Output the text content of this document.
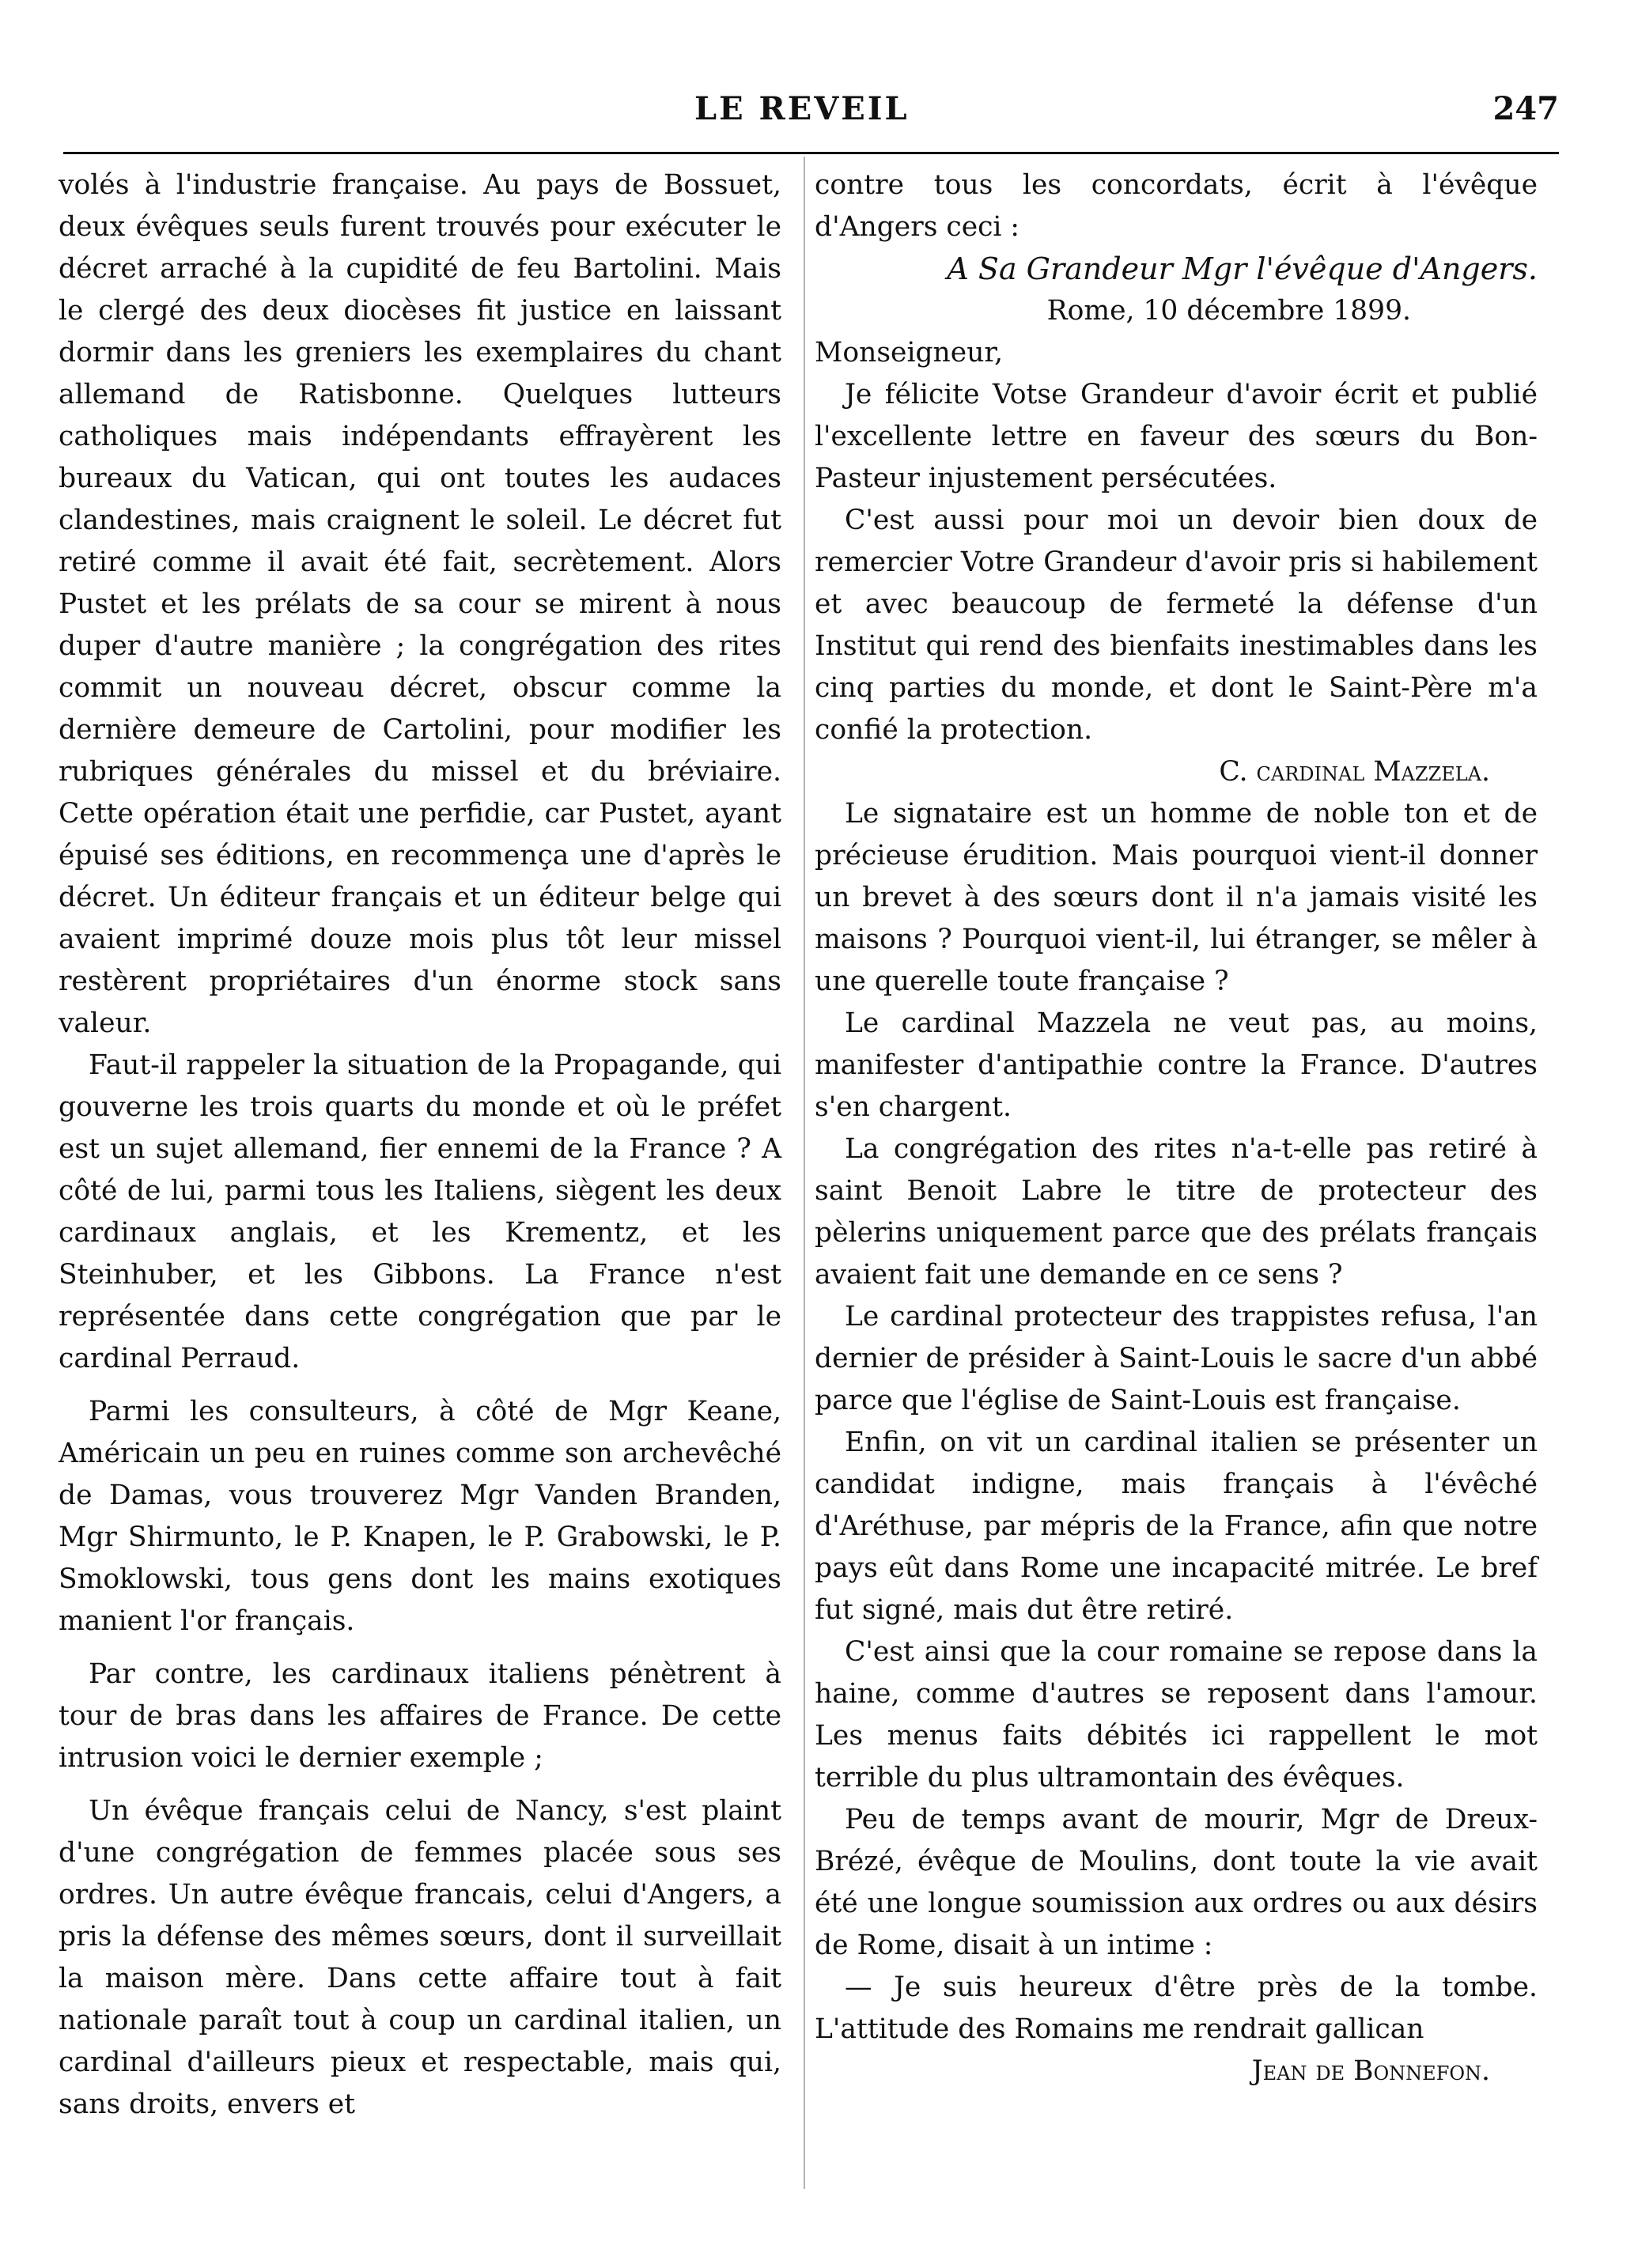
LE REVEIL	247

volés à l'industrie française. Au pays de Bossuet, deux évêques seuls furent trouvés pour exécuter le décret arraché à la cupidité de feu Bartolini. Mais le clergé des deux diocèses fit justice en laissant dormir dans les greniers les exemplaires du chant allemand de Ratisbonne. Quelques lutteurs catholiques mais indépendants effrayèrent les bureaux du Vatican, qui ont toutes les audaces clandestines, mais craignent le soleil. Le décret fut retiré comme il avait été fait, secrètement. Alors Pustet et les prélats de sa cour se mirent à nous duper d'autre manière ; la congrégation des rites commit un nouveau décret, obscur comme la dernière demeure de Cartolini, pour modifier les rubriques générales du missel et du bréviaire. Cette opération était une perfidie, car Pustet, ayant épuisé ses éditions, en recommença une d'après le décret. Un éditeur français et un éditeur belge qui avaient imprimé douze mois plus tôt leur missel restèrent propriétaires d'un énorme stock sans valeur.

Faut-il rappeler la situation de la Propagande, qui gouverne les trois quarts du monde et où le préfet est un sujet allemand, fier ennemi de la France ? A côté de lui, parmi tous les Italiens, siègent les deux cardinaux anglais, et les Krementz, et les Steinhuber, et les Gibbons. La France n'est représentée dans cette congrégation que par le cardinal Perraud.

Parmi les consulteurs, à côté de Mgr Keane, Américain un peu en ruines comme son archevêché de Damas, vous trouverez Mgr Vanden Branden, Mgr Shirmunto, le P. Knapen, le P. Grabowski, le P. Smoklowski, tous gens dont les mains exotiques manient l'or français.

Par contre, les cardinaux italiens pénètrent à tour de bras dans les affaires de France. De cette intrusion voici le dernier exemple ;

Un évêque français celui de Nancy, s'est plaint d'une congrégation de femmes placée sous ses ordres. Un autre évêque francais, celui d'Angers, a pris la défense des mêmes sœurs, dont il surveillait la maison mère. Dans cette affaire tout à fait nationale paraît tout à coup un cardinal italien, un cardinal d'ailleurs pieux et respectable, mais qui, sans droits, envers et

contre tous les concordats, écrit à l'évêque d'Angers ceci :

A Sa Grandeur Mgr l'évêque d'Angers.

Rome, 10 décembre 1899.

Monseigneur,

Je félicite Votse Grandeur d'avoir écrit et publié l'excellente lettre en faveur des sœurs du Bon-Pasteur injustement persécutées.

C'est aussi pour moi un devoir bien doux de remercier Votre Grandeur d'avoir pris si habilement et avec beaucoup de fermeté la défense d'un Institut qui rend des bienfaits inestimables dans les cinq parties du monde, et dont le Saint-Père m'a confié la protection.

C. cardinal Mazzela.

Le signataire est un homme de noble ton et de précieuse érudition. Mais pourquoi vient-il donner un brevet à des sœurs dont il n'a jamais visité les maisons ? Pourquoi vient-il, lui étranger, se mêler à une querelle toute française ?

Le cardinal Mazzela ne veut pas, au moins, manifester d'antipathie contre la France. D'autres s'en chargent.

La congrégation des rites n'a-t-elle pas retiré à saint Benoit Labre le titre de protecteur des pèlerins uniquement parce que des prélats français avaient fait une demande en ce sens ?

Le cardinal protecteur des trappistes refusa, l'an dernier de présider à Saint-Louis le sacre d'un abbé parce que l'église de Saint-Louis est française.

Enfin, on vit un cardinal italien se présenter un candidat indigne, mais français à l'évêché d'Aréthuse, par mépris de la France, afin que notre pays eût dans Rome une incapacité mitrée. Le bref fut signé, mais dut être retiré.

C'est ainsi que la cour romaine se repose dans la haine, comme d'autres se reposent dans l'amour. Les menus faits débités ici rappellent le mot terrible du plus ultramontain des évêques.

Peu de temps avant de mourir, Mgr de Dreux-Brézé, évêque de Moulins, dont toute la vie avait été une longue soumission aux ordres ou aux désirs de Rome, disait à un intime :

— Je suis heureux d'être près de la tombe. L'attitude des Romains me rendrait gallican

Jean de Bonnefon.
